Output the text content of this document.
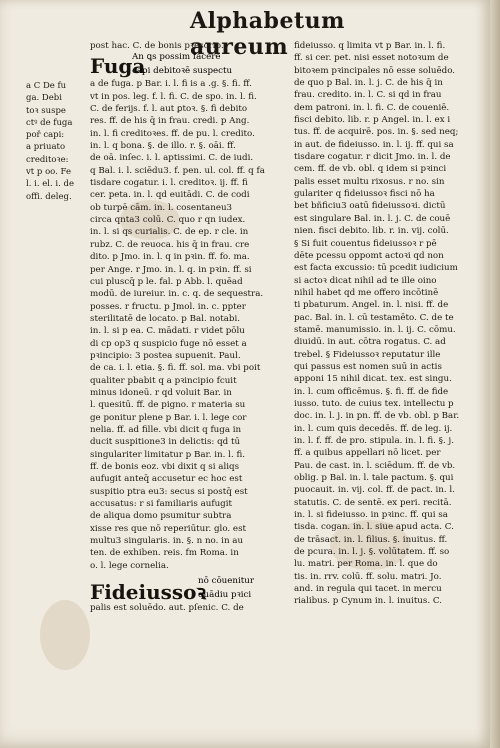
Alphabetum aureum
a C De fu
ga. Debi
toꝛ suspe
ctꝰ de fuga
poř capi:
a priuato
creditoꝛe:
vt p oo. Fe
l. i. el. i. de
offi. deleg.
post hac. C. de bonis pꝛescrip.
Fuga
An ꝗs possim facere
capi debitoꝛē suspectu
a de fuga. p Bar. i. l. fi is a .g. §. fi. ff.
vt in pos. leg. f. l. fi. C. de spo. in. l. fi.
C. de ferijs. f. l. aut ꝑtoꝛ. §. fi debito
res. ff. de his q̄ in frau. credi. p Ang.
in. l. fi creditoꝛes. ff. de pu. l. credito.
in. l. q bona. §. de illo. r. §. oāi. ff.
de oā. inſec. i. l. aptissimi. C. de iudi.
q Bal. i. l. sciēdu3. f. pen. ul. col. ff. q fa
tisdare cogatur. i. l. creditoꝛ. ij. ff. fi
cer. peta. in. l. qd euitādi. C. de codi
ob turpē cām. in. l. cosentaneu3
circa qnta3 colū. C. quo r qn iudex.
in. l. si qs curialis. C. de ep. r cle. in
rubz. C. de reuoca. his q̄ in frau. cre
dito. p Jmo. in. l. q in pꝛin. ff. fo. ma.
per Ange. r Jmo. in. l. q. in pꝛin. ff. si
cui pluscq̄ p le. fal. p Abb. l. quēad
modū. de iureiur. in. c. q. de sequestra.
posses. r fructu. p Jmol. in. c. ppter
sterilitatē de locato. p Bal. notabi.
in. l. si p ea. C. mādati. r videt pōlu
di cp op3 q suspicio fuge nō esset a
pꝛincipio: 3 postea supuenit. Paul.
de ca. i. l. etia. §. fi. ff. sol. ma. vbi poit
qualiter pbabit q a pꝛincipio fcuit
minus idoneū. r qd voluit Bar. in
l. quesitū. ff. de pigno. r materia su
ge ponitur plene p Bar. i. l. lege cor
nelia. ff. ad fille. vbi dicit q fuga in
ducit suspitione3 in delictis: qd tū
singulariter limitatur p Bar. in. l. fi.
ff. de bonis eoz. vbi dixit q si aliqs
aufugit anteq̄ accusetur ec hoc est
suspitio ptra eu3: secus si postq̄ est
accusatus: r si familiaris aufugit
de aliqua domo psumitur subtra
xisse res que nō reperiūtur. glo. est
multu3 singularis. in. §. n no. in au
ten. de exhiben. reis. fm Roma. in
o. l. lege cornelia.
Fideiussoꝛ
nō cōuenitur
quādiu pꝛici
palis est soluēdo. aut. pſenic. C. de
fideiusso. q limita vt p Bar. in. l. fi.
ff. si cer. pet. nisi esset notoꝛum de
bitoꝛem pꝛincipales nō esse soluēdo.
de quo p Bal. in. l. j. C. de his q̄ in
frau. credito. in. l. C. si qd in frau
dem patroni. in. l. fi. C. de coueniē.
fisci debito. lib. r. p Angel. in. l. ex i
tus. ff. de acquirē. pos. in. §. sed neq;
in aut. de fideiusso. in. l. ij. ff. qui sa
tisdare cogatur. r dicit Jmo. in. l. de
cem. ff. de vb. obl. q idem si pꝛinci
palis esset multu rixosus. r no. sin
gulariter q fideiussoꝛ fisci nō ha
bet bñficiu3 oatū fideiussoꝛi. dictū
est singulare Bal. in. l. j. C. de couē
nien. fisci debito. lib. r. in. vij. colū.
§ Si fuit couentus fideiussoꝛ r pē
dēte pcessu oppomt actoꝛi qd non
est facta excussio: tū pcedit iudicium
si actoꝛ dicat nihil ad te ille oino
nihil habet qd me offero incōtinē
ti pbaturum. Angel. in. l. nisi. ff. de
pac. Bal. in. l. cū testamēto. C. de te
stamē. manumissio. in. l. ij. C. cōmu.
diuidū. in aut. cōtra rogatus. C. ad
trebel. § Fideiussoꝛ reputatur ille
qui passus est nomen suū in actis
apponi 15 nihil dicat. tex. est singu.
in. l. cum officēmus. §. fi. ff. de fide
iusso. tuto. de cuius tex. intellectu p
doc. in. l. j. in pn. ff. de vb. obl. p Bar.
in. l. cum quis decedēs. ff. de leg. ij.
in. l. f. ff. de pro. stipula. in. l. fi. §. j.
ff. a quibus appellari nō licet. per
Pau. de cast. in. l. sciēdum. ff. de vb.
oblig. p Bal. in. l. tale pactum. §. qui
puocauit. in. vij. col. ff. de pact. in. l.
statutis. C. de sentē. ex peri. recitā.
in. l. si fideiusso. in pꝛinc. ff. qui sa
tisda. cogan. in. l. siue apud acta. C.
de trāsact. in. l. filius. §. inuitus. ff.
de pcura. in. l. j. §. volūtatem. ff. so
lu. matri. per Roma. in. l. que do
tis. in. rrv. colū. ff. solu. matri. Jo.
and. in regula qui tacet. in mercu
rialibus. p Cynum in. l. inuitus. C.
